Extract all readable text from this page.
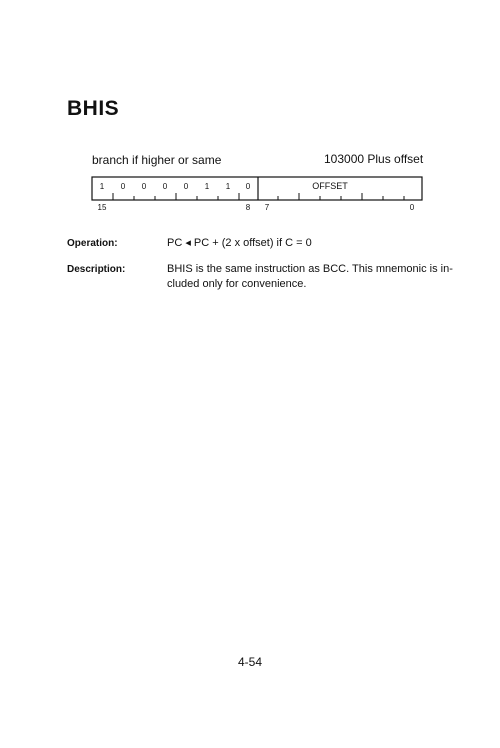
BHIS
branch if higher or same	103000 Plus offset
1 0 0 0 0 1 1 0	OFFSET
15	8 7	0
Operation:	PC ◂ PC + (2 x offset) if C = 0
Description:	BHIS is the same instruction as BCC. This mnemonic is in- cluded only for convenience.
4-54
